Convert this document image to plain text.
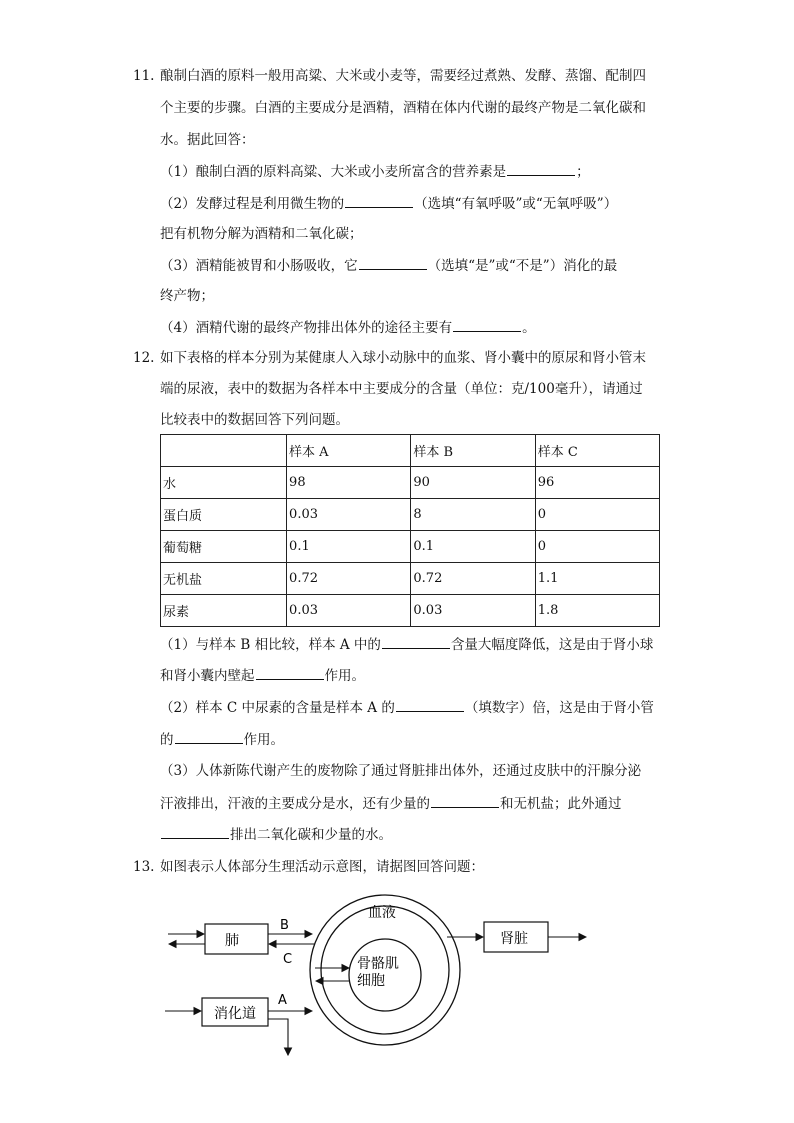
11. 酿制白酒的原料一般用高粱、大米或小麦等，需要经过煮熟、发酵、蒸馏、配制四
个主要的步骤。白酒的主要成分是酒精，酒精在体内代谢的最终产物是二氧化碳和
水。据此回答：
（1）酿制白酒的原料高粱、大米或小麦所富含的营养素是	；
（2）发酵过程是利用微生物的	（选填“有氧呼吸”或“无氧呼吸”）
把有机物分解为酒精和二氧化碳；
（3）酒精能被胃和小肠吸收，它	（选填“是”或“不是”）消化的最
终产物；
（4）酒精代谢的最终产物排出体外的途径主要有	。
12. 如下表格的样本分别为某健康人入球小动脉中的血浆、肾小囊中的原尿和肾小管末
端的尿液，表中的数据为各样本中主要成分的含量（单位：克/100毫升），请通过
比较表中的数据回答下列问题。
	样本 A	样本 B	样本 C
水	98	90	96
蛋白质	0.03	8	0
葡萄糖	0.1	0.1	0
无机盐	0.72	0.72	1.1
尿素	0.03	0.03	1.8
（1）与样本 B 相比较，样本 A 中的	含量大幅度降低，这是由于肾小球
和肾小囊内壁起	作用。
（2）样本 C 中尿素的含量是样本 A 的	（填数字）倍，这是由于肾小管
的	作用。
（3）人体新陈代谢产生的废物除了通过肾脏排出体外，还通过皮肤中的汗腺分泌
汗液排出，汗液的主要成分是水，还有少量的	和无机盐；此外通过
排出二氧化碳和少量的水。
13. 如图表示人体部分生理活动示意图，请据图回答问题：
血液
骨骼肌
细胞
肺
B
C
肾脏
消化道
A
